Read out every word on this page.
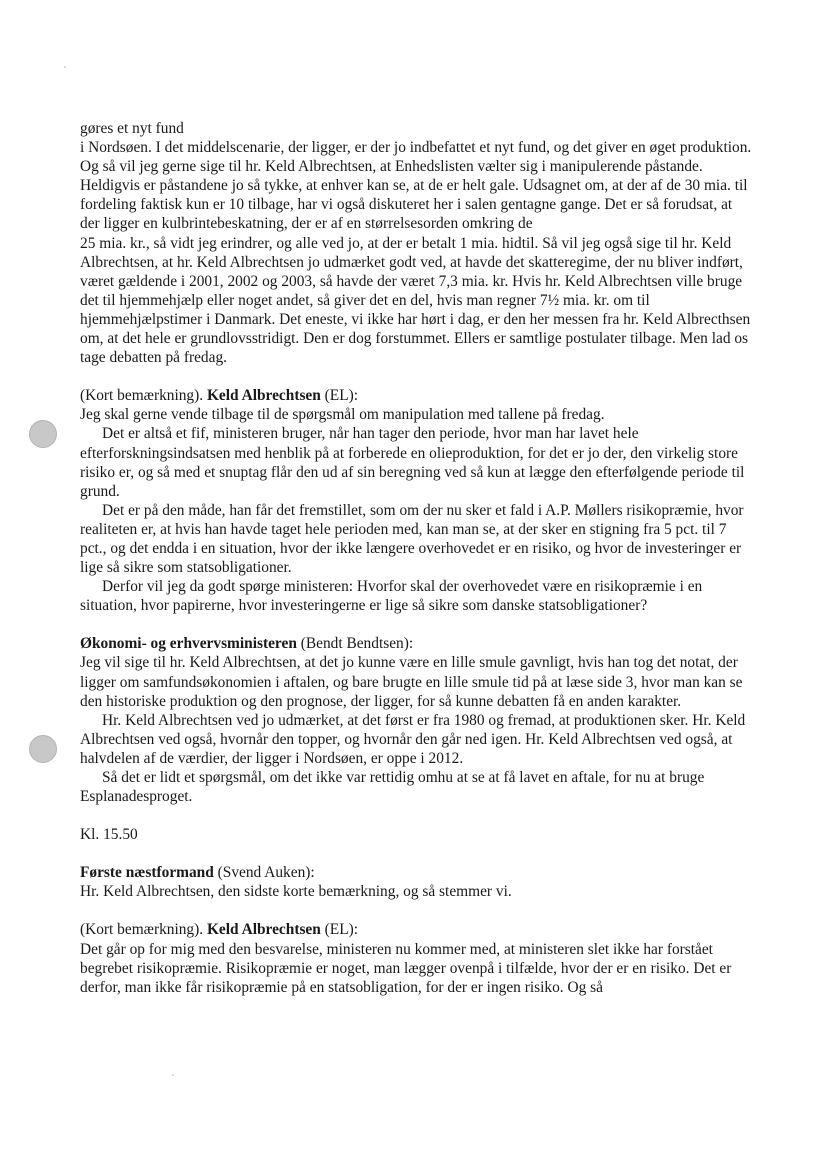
gøres et nyt fund

i Nordsøen. I det middelscenarie, der ligger, er der jo indbefattet et nyt fund, og det giver en øget produktion. Og så vil jeg gerne sige til hr. Keld Albrechtsen, at Enhedslisten vælter sig i manipulerende påstande. Heldigvis er påstandene jo så tykke, at enhver kan se, at de er helt gale. Udsagnet om, at der af de 30 mia. til fordeling faktisk kun er 10 tilbage, har vi også diskuteret her i salen gentagne gange. Det er så forudsat, at der ligger en kulbrintebeskatning, der er af en størrelsesorden omkring de

25 mia. kr., så vidt jeg erindrer, og alle ved jo, at der er betalt 1 mia. hidtil. Så vil jeg også sige til hr. Keld Albrechtsen, at hr. Keld Albrechtsen jo udmærket godt ved, at havde det skatteregime, der nu bliver indført, været gældende i 2001, 2002 og 2003, så havde der været 7,3 mia. kr. Hvis hr. Keld Albrechtsen ville bruge det til hjemmehjælp eller noget andet, så giver det en del, hvis man regner 7½ mia. kr. om til hjemmehjælpstimer i Danmark. Det eneste, vi ikke har hørt i dag, er den her messen fra hr. Keld Albrecthsen om, at det hele er grundlovsstridigt. Den er dog forstummet. Ellers er samtlige postulater tilbage. Men lad os tage debatten på fredag.

(Kort bemærkning). Keld Albrechtsen (EL):

Jeg skal gerne vende tilbage til de spørgsmål om manipulation med tallene på fredag.

Det er altså et fif, ministeren bruger, når han tager den periode, hvor man har lavet hele efterforskningsindsatsen med henblik på at forberede en olieproduktion, for det er jo der, den virkelig store risiko er, og så med et snuptag flår den ud af sin beregning ved så kun at lægge den efterfølgende periode til grund.

Det er på den måde, han får det fremstillet, som om der nu sker et fald i A.P. Møllers risikopræmie, hvor realiteten er, at hvis han havde taget hele perioden med, kan man se, at der sker en stigning fra 5 pct. til 7 pct., og det endda i en situation, hvor der ikke længere overhovedet er en risiko, og hvor de investeringer er lige så sikre som statsobligationer.

Derfor vil jeg da godt spørge ministeren: Hvorfor skal der overhovedet være en risikopræmie i en situation, hvor papirerne, hvor investeringerne er lige så sikre som danske statsobligationer?

Økonomi- og erhvervsministeren (Bendt Bendtsen):

Jeg vil sige til hr. Keld Albrechtsen, at det jo kunne være en lille smule gavnligt, hvis han tog det notat, der ligger om samfundsøkonomien i aftalen, og bare brugte en lille smule tid på at læse side 3, hvor man kan se den historiske produktion og den prognose, der ligger, for så kunne debatten få en anden karakter.

Hr. Keld Albrechtsen ved jo udmærket, at det først er fra 1980 og fremad, at produktionen sker. Hr. Keld Albrechtsen ved også, hvornår den topper, og hvornår den går ned igen. Hr. Keld Albrechtsen ved også, at halvdelen af de værdier, der ligger i Nordsøen, er oppe i 2012.

Så det er lidt et spørgsmål, om det ikke var rettidig omhu at se at få lavet en aftale, for nu at bruge Esplanadesproget.

Kl. 15.50

Første næstformand (Svend Auken):

Hr. Keld Albrechtsen, den sidste korte bemærkning, og så stemmer vi.

(Kort bemærkning). Keld Albrechtsen (EL):

Det går op for mig med den besvarelse, ministeren nu kommer med, at ministeren slet ikke har forstået begrebet risikopræmie. Risikopræmie er noget, man lægger ovenpå i tilfælde, hvor der er en risiko. Det er derfor, man ikke får risikopræmie på en statsobligation, for der er ingen risiko. Og så
